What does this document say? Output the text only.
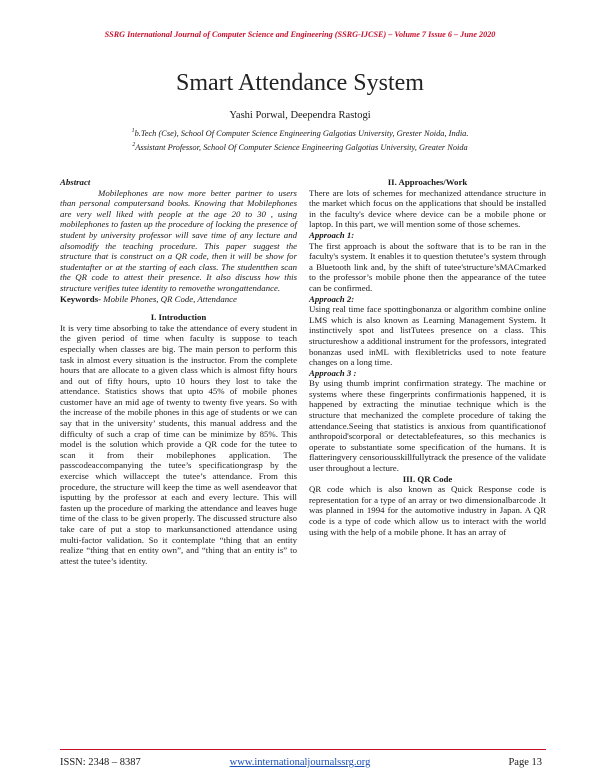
SSRG International Journal of Computer Science and Engineering (SSRG-IJCSE) – Volume 7 Issue 6 – June 2020
Smart Attendance System
Yashi Porwal, Deependra Rastogi
$^1$b.Tech (Cse), School Of Computer Science Engineering Galgotias University, Grester Noida, India.
$^2$Assistant Professor, School Of Computer Science Engineering Galgotias University, Greater Noida

Abstract

Mobilephones are now more better partner to users than personal computersand books. Knowing that Mobilephones are very well liked with people at the age 20 to 30 , using mobilephones to fasten up the procedure of locking the presence of student by university professor will save time of any lecture and alsomodify the teaching procedure. This paper suggest the structure that is construct on a QR code, then it will be show for studentafter or at the starting of each class. The studentthen scan the QR code to attest their presence. It also discuss how this structure verifies tutee identity to removethe wrongattendance.

Keywords- Mobile Phones, QR Code, Attendance

I. Introduction

It is very time absorbing to take the attendance of every student in the given period of time when faculty is suppose to teach especially when classes are big. The main person to perform this task in almost every situation is the instructor. From the complete hours that are allocate to a given class which is almost fifty hours and out of fifty hours, upto 10 hours they lost to take the attendance. Statistics shows that upto 45% of mobile phones customer have an mid age of twenty to twenty five years. So with the increase of the mobile phones in this age of students or we can say that in the university’ students, this manual address and the difficulty of such a crap of time can be minimize by 85%. This model is the solution which provide a QR code for the tutee to scan it from their mobilephones application. The passcodeaccompanying the tutee’s specificationgrasp by the exercise which willaccept the tutee’s attendance. From this procedure, the structure will keep the time as well asendeavor that isputting by the professor at each and every lecture. This will fasten up the procedure of marking the attendance and leaves huge time of the class to be given properly. The discussed structure also take care of put a stop to markunsanctioned attendance using multi-factor validation. So it contemplate “thing that an entity realize “thing that en entity own”, and “thing that an entity is” to attest the tutee’s identity.

II. Approaches/Work

There are lots of schemes for mechanized attendance structure in the market which focus on the applications that should be installed in the faculty's device where device can be a mobile phone or laptop. In this part, we will mention some of those schemes.

Approach 1:

The first approach is about the software that is to be ran in the faculty's system. It enables it to question thetutee’s system through a Bluetooth link and, by the shift of tutee'structure’sMACmarked to the professor’s mobile phone then the appearance of the tutee can be confirmed.

Approach 2:

Using real time face spottingbonanza or algorithm combine online LMS which is also known as Learning Management System. It instinctively spot and listTutees presence on a class. This structureshow a additional instrument for the professors, integrated bonanzas used inML with flexibletricks used to note feature changes on a long time.

Approach 3 :

By using thumb imprint confirmation strategy. The machine or systems where these fingerprints confirmationis happened, it is happened by extracting the minutiae technique which is the structure that mechanized the complete procedure of taking the attendance.Seeing that statistics is anxious from quantificationof anthropoid'scorporal or detectablefeatures, so this mechanics is operate to substantiate some specification of the humans. It is flatteringvery censoriousskillfullytrack the presence of the validate user throughout a lecture.

III. QR Code

QR code which is also known as Quick Response code is representation for a type of an array or two dimensionalbarcode .It was planned in 1994 for the automotive industry in Japan. A QR code is a type of code which allow us to interact with the world using with the help of a mobile phone. It has an array of

ISSN: 2348 – 8387	www.internationaljournalssrg.org	Page 13
